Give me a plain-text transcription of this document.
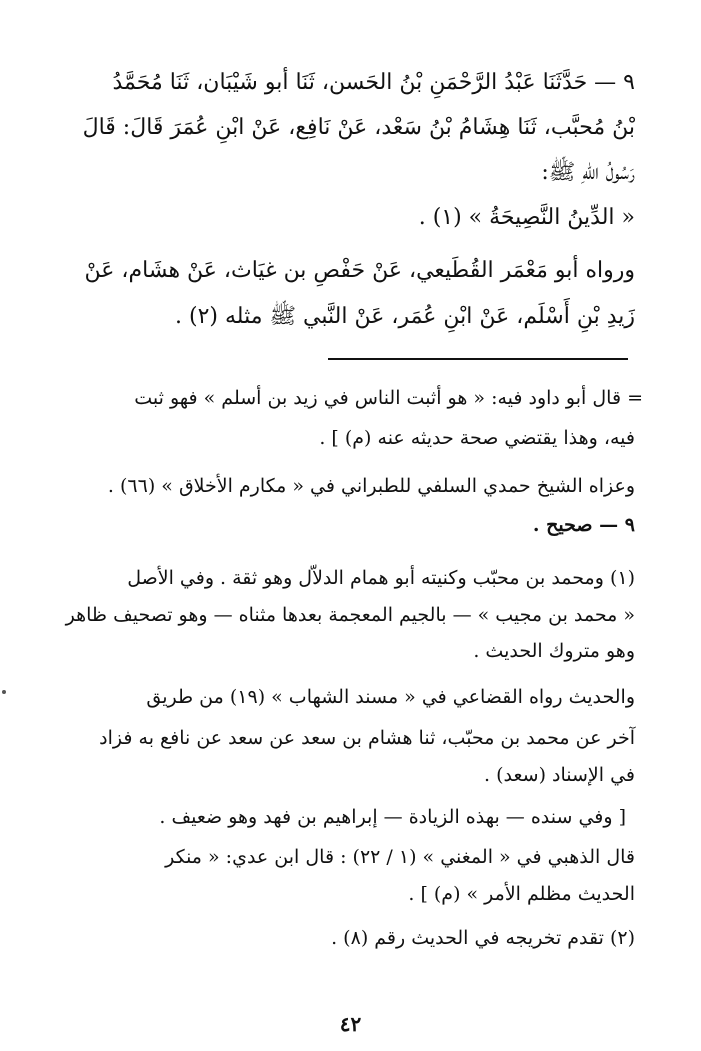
٩ — حَدَّثَنَا عَبْدُ الرَّحْمَنِ بْنُ الحَسن، ثَنَا أبو شَيْبَان، ثَنَا مُحَمَّدُ
بْنُ مُحبَّب، ثَنَا هِشَامُ بْنُ سَعْد، عَنْ نَافِع، عَنْ ابْنِ عُمَرَ قَالَ: قَالَ
رَسُولُ اللهِ ﷺ:
« الدِّينُ النَّصِيحَةُ » (١) .
ورواه أبو مَعْمَر القُطَيعي، عَنْ حَفْصِ بن غيَاث، عَنْ هشَام، عَنْ
زَيدِ بْنِ أَسْلَم، عَنْ ابْنِ عُمَر، عَنْ النَّبي ﷺ مثله (٢) .
= قال أبو داود فيه: « هو أثبت الناس في زيد بن أسلم » فهو ثبت
فيه، وهذا يقتضي صحة حديثه عنه (م) ] .
وعزاه الشيخ حمدي السلفي للطبراني في « مكارم الأخلاق » (٦٦) .
٩ — صحيح .
(١) ومحمد بن محبّب وكنيته أبو همام الدلاّل وهو ثقة . وفي الأصل
« محمد بن مجيب » — بالجيم المعجمة بعدها مثناه — وهو تصحيف ظاهر
وهو متروك الحديث .
والحديث رواه القضاعي في « مسند الشهاب » (١٩) من طريق
آخر عن محمد بن محبّب، ثنا هشام بن سعد عن سعد عن نافع به فزاد
في الإسناد (سعد) .
[ وفي سنده — بهذه الزيادة — إبراهيم بن فهد وهو ضعيف .
قال الذهبي في « المغني » (١ / ٢٢) : قال ابن عدي: « منكر
الحديث مظلم الأمر » (م) ] .
(٢) تقدم تخريجه في الحديث رقم (٨) .
٤٢
